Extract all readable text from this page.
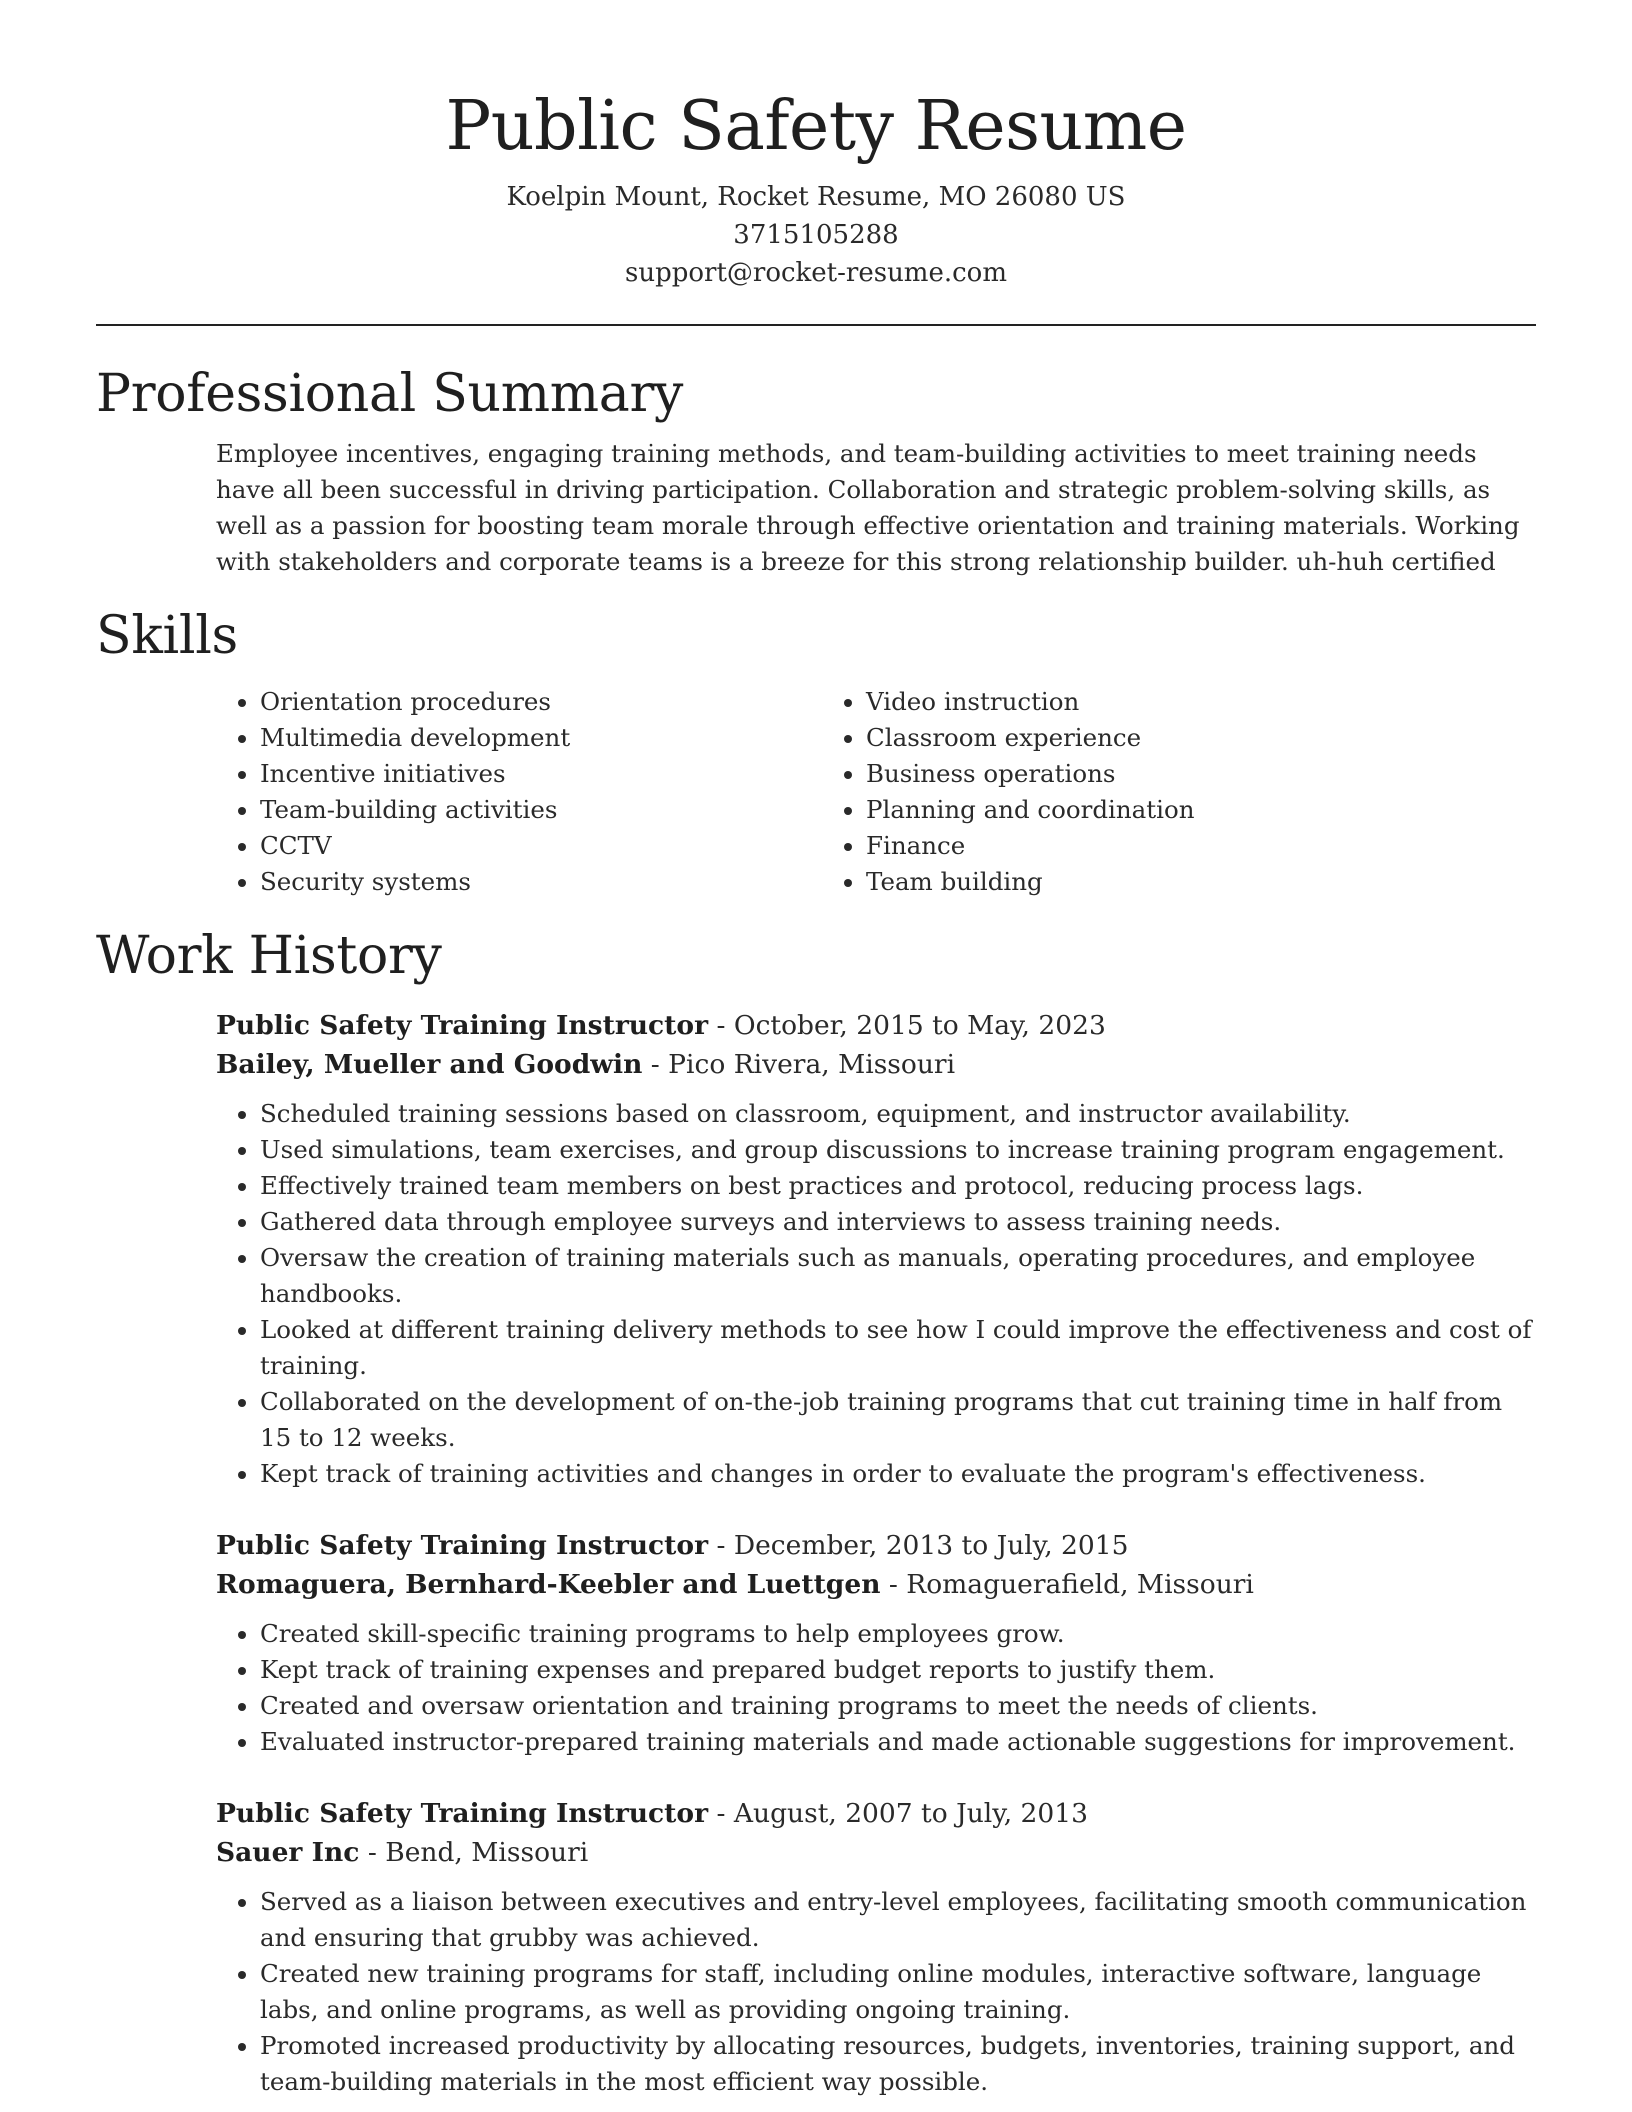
Public Safety Resume
Koelpin Mount, Rocket Resume, MO 26080 US
3715105288
support@rocket-resume.com
Professional Summary
Employee incentives, engaging training methods, and team-building activities to meet training needs have all been successful in driving participation. Collaboration and strategic problem-solving skills, as well as a passion for boosting team morale through effective orientation and training materials. Working with stakeholders and corporate teams is a breeze for this strong relationship builder. uh-huh certified
Skills
• Orientation procedures
• Multimedia development
• Incentive initiatives
• Team-building activities
• CCTV
• Security systems
• Video instruction
• Classroom experience
• Business operations
• Planning and coordination
• Finance
• Team building
Work History
Public Safety Training Instructor - October, 2015 to May, 2023
Bailey, Mueller and Goodwin - Pico Rivera, Missouri
• Scheduled training sessions based on classroom, equipment, and instructor availability.
• Used simulations, team exercises, and group discussions to increase training program engagement.
• Effectively trained team members on best practices and protocol, reducing process lags.
• Gathered data through employee surveys and interviews to assess training needs.
• Oversaw the creation of training materials such as manuals, operating procedures, and employee handbooks.
• Looked at different training delivery methods to see how I could improve the effectiveness and cost of training.
• Collaborated on the development of on-the-job training programs that cut training time in half from 15 to 12 weeks.
• Kept track of training activities and changes in order to evaluate the program's effectiveness.
Public Safety Training Instructor - December, 2013 to July, 2015
Romaguera, Bernhard-Keebler and Luettgen - Romaguerafield, Missouri
• Created skill-specific training programs to help employees grow.
• Kept track of training expenses and prepared budget reports to justify them.
• Created and oversaw orientation and training programs to meet the needs of clients.
• Evaluated instructor-prepared training materials and made actionable suggestions for improvement.
Public Safety Training Instructor - August, 2007 to July, 2013
Sauer Inc - Bend, Missouri
• Served as a liaison between executives and entry-level employees, facilitating smooth communication and ensuring that grubby was achieved.
• Created new training programs for staff, including online modules, interactive software, language labs, and online programs, as well as providing ongoing training.
• Promoted increased productivity by allocating resources, budgets, inventories, training support, and team-building materials in the most efficient way possible.
